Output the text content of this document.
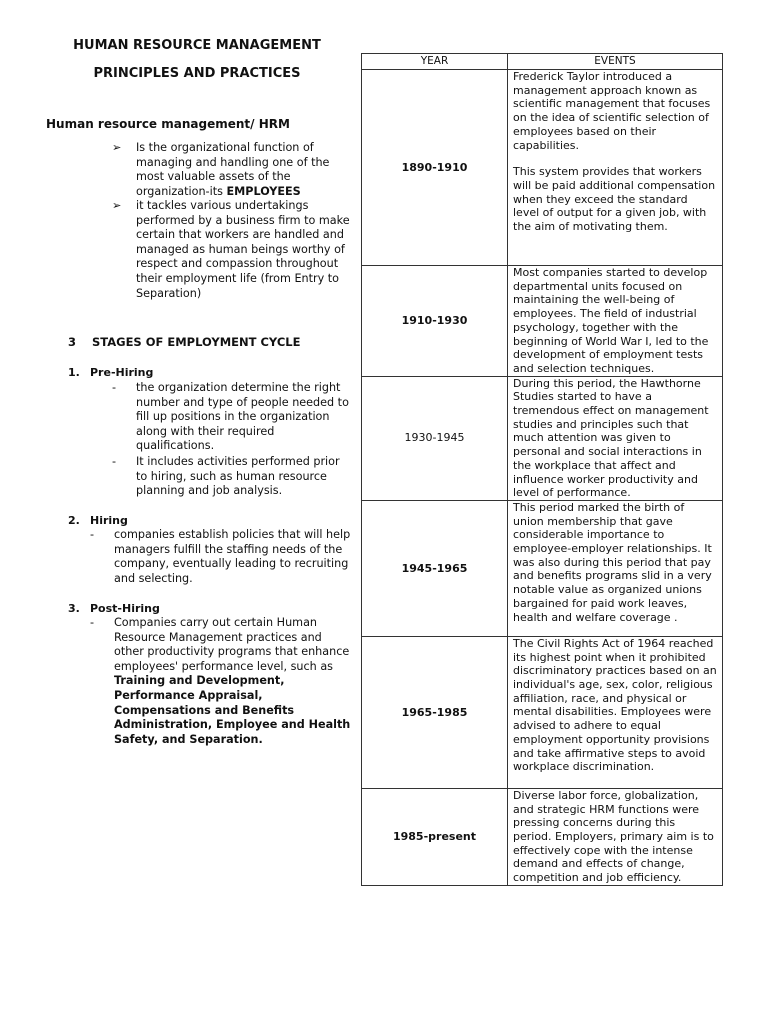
HUMAN RESOURCE MANAGEMENT
PRINCIPLES AND PRACTICES
Human resource management/ HRM
➢	Is the organizational function of managing and handling one of the most valuable assets of the organization-its EMPLOYEES
➢	it tackles various undertakings performed by a business firm to make certain that workers are handled and managed as human beings worthy of respect and compassion throughout their employment life (from Entry to Separation)
3 STAGES OF EMPLOYMENT CYCLE
1. Pre-Hiring
- the organization determine the right number and type of people needed to fill up positions in the organization along with their required qualifications.
- It includes activities performed prior to hiring, such as human resource planning and job analysis.
2. Hiring
- companies establish policies that will help managers fulfill the staffing needs of the company, eventually leading to recruiting and selecting.
3. Post-Hiring
- Companies carry out certain Human Resource Management practices and other productivity programs that enhance employees' performance level, such as Training and Development, Performance Appraisal, Compensations and Benefits Administration, Employee and Health Safety, and Separation.
YEAR	EVENTS
1890-1910	Frederick Taylor introduced a management approach known as scientific management that focuses on the idea of scientific selection of employees based on their capabilities.
This system provides that workers will be paid additional compensation when they exceed the standard level of output for a given job, with the aim of motivating them.

1910-1930	Most companies started to develop departmental units focused on maintaining the well-being of employees. The field of industrial psychology, together with the beginning of World War I, led to the development of employment tests and selection techniques.
1930-1945	During this period, the Hawthorne Studies started to have a tremendous effect on management studies and principles such that much attention was given to personal and social interactions in the workplace that affect and influence worker productivity and level of performance.
1945-1965	This period marked the birth of union membership that gave considerable importance to employee-employer relationships. It was also during this period that pay and benefits programs slid in a very notable value as organized unions bargained for paid work leaves, health and welfare coverage .
1965-1985	The Civil Rights Act of 1964 reached its highest point when it prohibited discriminatory practices based on an individual's age, sex, color, religious affiliation, race, and physical or mental disabilities. Employees were advised to adhere to equal employment opportunity provisions and take affirmative steps to avoid workplace discrimination.
1985-present	Diverse labor force, globalization, and strategic HRM functions were pressing concerns during this period. Employers, primary aim is to effectively cope with the intense demand and effects of change, competition and job efficiency.
